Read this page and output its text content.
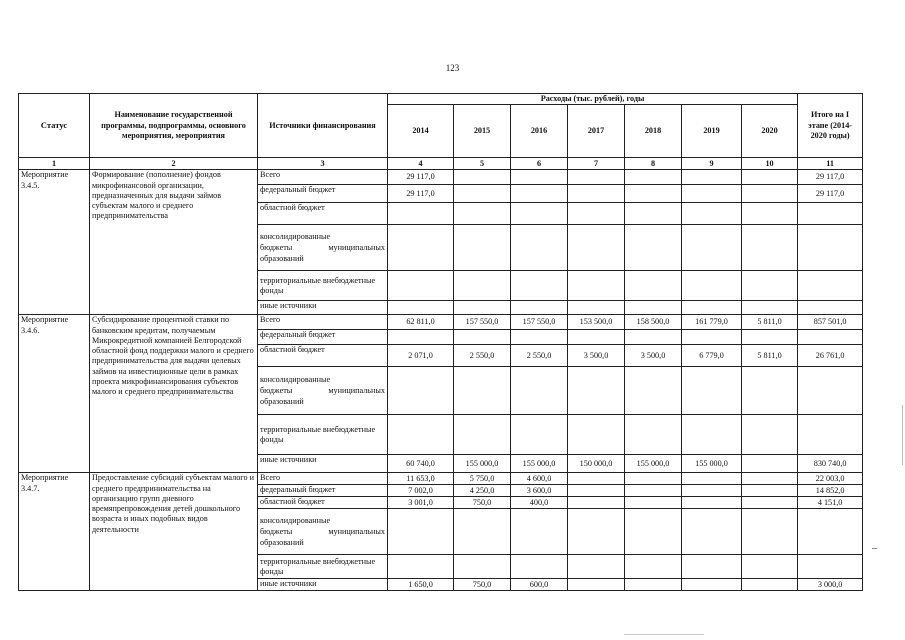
123
Статус	Наименование государственной программы, подпрограммы, основного мероприятия, мероприятия	Источники финансирования	Расходы (тыс. рублей), годы							Итого на I этапе (2014-2020 годы)
			2014	2015	2016	2017	2018	2019	2020	
1	2	3	4	5	6	7	8	9	10	11
Мероприятие 3.4.5.	Формирование (пополнение) фондов микрофинансовой организации, предназначенных для выдачи займов субъектам малого и среднего предпринимательства	Всего	29 117,0							29 117,0
		федеральный бюджет	29 117,0							29 117,0
		областной бюджет								

		консолидированные
бюджеты муниципальных
образований								

		территориальные внебюджетные фонды								
		иные источники								
Мероприятие 3.4.6.	Субсидирование процентной ставки по банковским кредитам, получаемым Микрокредитной компанией Белгородской областной фонд поддержки малого и среднего предпринимательства для выдачи целевых займов на инвестиционные цели в рамках проекта микрофинансирования субъектов малого и среднего предпринимательства	Всего	62 811,0	157 550,0	157 550,0	153 500,0	158 500,0	161 779,0	5 811,0	857 501,0
		федеральный бюджет								
		областной бюджет	2 071,0	2 550,0	2 550,0	3 500,0	3 500,0	6 779,0	5 811,0	26 761,0

		консолидированные
бюджеты муниципальных
образований								

		территориальные внебюджетные фонды								
		иные источники	60 740,0	155 000,0	155 000,0	150 000,0	155 000,0	155 000,0		830 740,0
Мероприятие 3.4.7.	Предоставление субсидий субъектам малого и среднего предпринимательства на организацию групп дневного времяпрепровождения детей дошкольного возраста и иных подобных видов деятельности	Всего	11 653,0	5 750,0	4 600,0					22 003,0
		федеральный бюджет	7 002,0	4 250,0	3 600,0					14 852,0
		областной бюджет	3 001,0	750,0	400,0					4 151,0

		консолидированные
бюджеты муниципальных
образований								

		территориальные внебюджетные фонды								
		иные источники	1 650,0	750,0	600,0					3 000,0
